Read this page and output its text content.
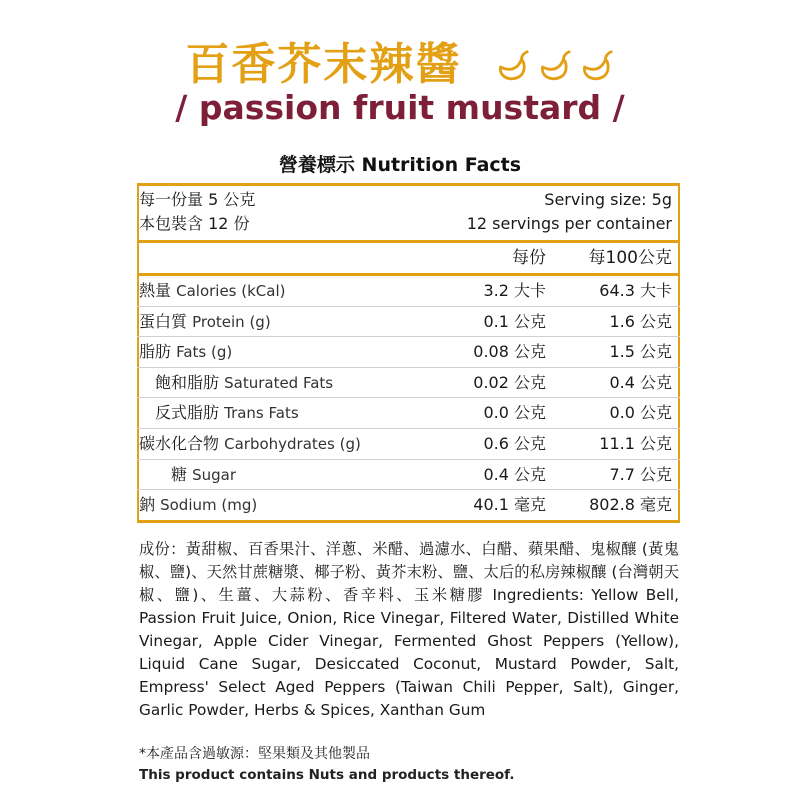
百香芥末辣醬
/ passion fruit mustard /
營養標示 Nutrition Facts
每一份量 5 公克	Serving size: 5g
本包裝含 12 份	12 servings per container
每份	每100公克
熱量 Calories (kCal)	3.2 大卡	64.3 大卡
蛋白質 Protein (g)	0.1 公克	1.6 公克
脂肪 Fats (g)	0.08 公克	1.5 公克
飽和脂肪 Saturated Fats	0.02 公克	0.4 公克
反式脂肪 Trans Fats	0.0 公克	0.0 公克
碳水化合物 Carbohydrates (g)	0.6 公克	11.1 公克
糖 Sugar	0.4 公克	7.7 公克
鈉 Sodium (mg)	40.1 毫克	802.8 毫克
成份：黃甜椒、百香果汁、洋蔥、米醋、過濾水、白醋、蘋果醋、鬼椒釀 (黃鬼椒、鹽)、天然甘蔗糖漿、椰子粉、黃芥末粉、鹽、太后的私房辣椒釀 (台灣朝天椒、鹽)、生薑、大蒜粉、香辛料、玉米糖膠 Ingredients: Yellow Bell, Passion Fruit Juice, Onion, Rice Vinegar, Filtered Water, Distilled White Vinegar, Apple Cider Vinegar, Fermented Ghost Peppers (Yellow), Liquid Cane Sugar, Desiccated Coconut, Mustard Powder, Salt, Empress' Select Aged Peppers (Taiwan Chili Pepper, Salt), Ginger, Garlic Powder, Herbs & Spices, Xanthan Gum
*本產品含過敏源：堅果類及其他製品
This product contains Nuts and products thereof.
